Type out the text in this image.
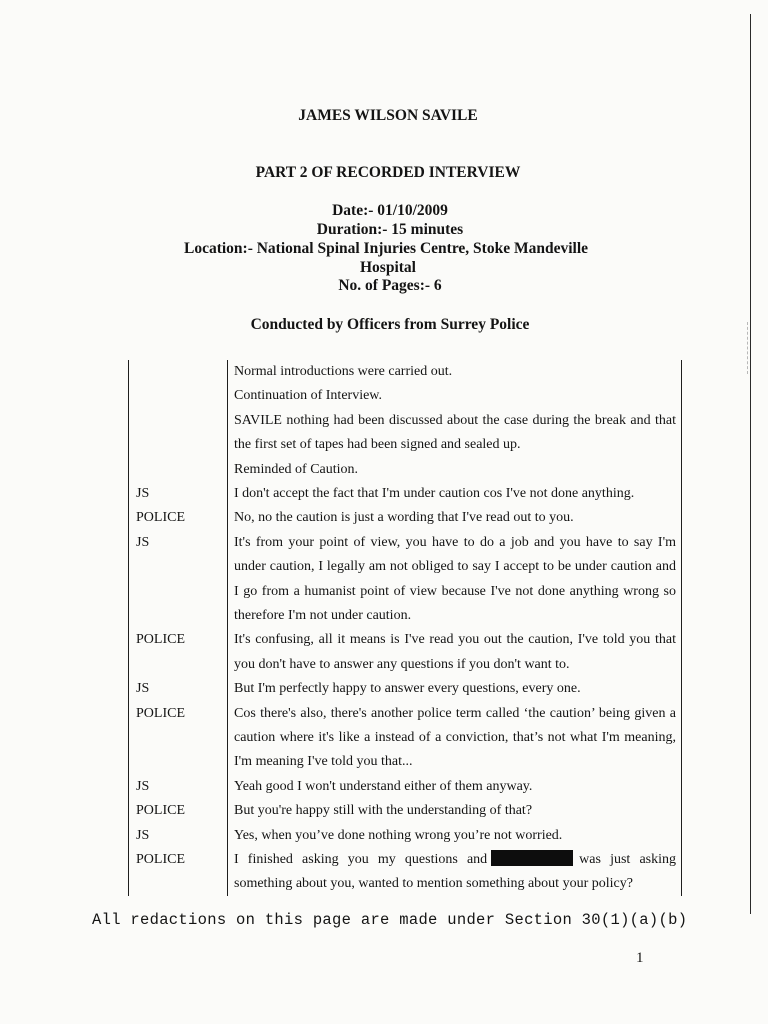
JAMES WILSON SAVILE
PART 2 OF RECORDED INTERVIEW
Date:- 01/10/2009
Duration:- 15 minutes
Location:- National Spinal Injuries Centre, Stoke Mandeville
Hospital
No. of Pages:- 6
Conducted by Officers from Surrey Police
Normal introductions were carried out.
Continuation of Interview.
SAVILE nothing had been discussed about the case during the break and that the first set of tapes had been signed and sealed up.
Reminded of Caution.
JS	I don't accept the fact that I'm under caution cos I've not done anything.
POLICE	No, no the caution is just a wording that I've read out to you.
JS	It's from your point of view, you have to do a job and you have to say I'm under caution, I legally am not obliged to say I accept to be under caution and I go from a humanist point of view because I've not done anything wrong so therefore I'm not under caution.
POLICE	It's confusing, all it means is I've read you out the caution, I've told you that you don't have to answer any questions if you don't want to.
JS	But I'm perfectly happy to answer every questions, every one.
POLICE	Cos there's also, there's another police term called ‘the caution’ being given a caution where it's like a instead of a conviction, that’s not what I'm meaning, I'm meaning I've told you that...
JS	Yeah good I won't understand either of them anyway.
POLICE	But you're happy still with the understanding of that?
JS	Yes, when you’ve done nothing wrong you’re not worried.
POLICE	I finished asking you my questions and	was just asking something about you, wanted to mention something about your policy?
All redactions on this page are made under Section 30(1)(a)(b)
1
